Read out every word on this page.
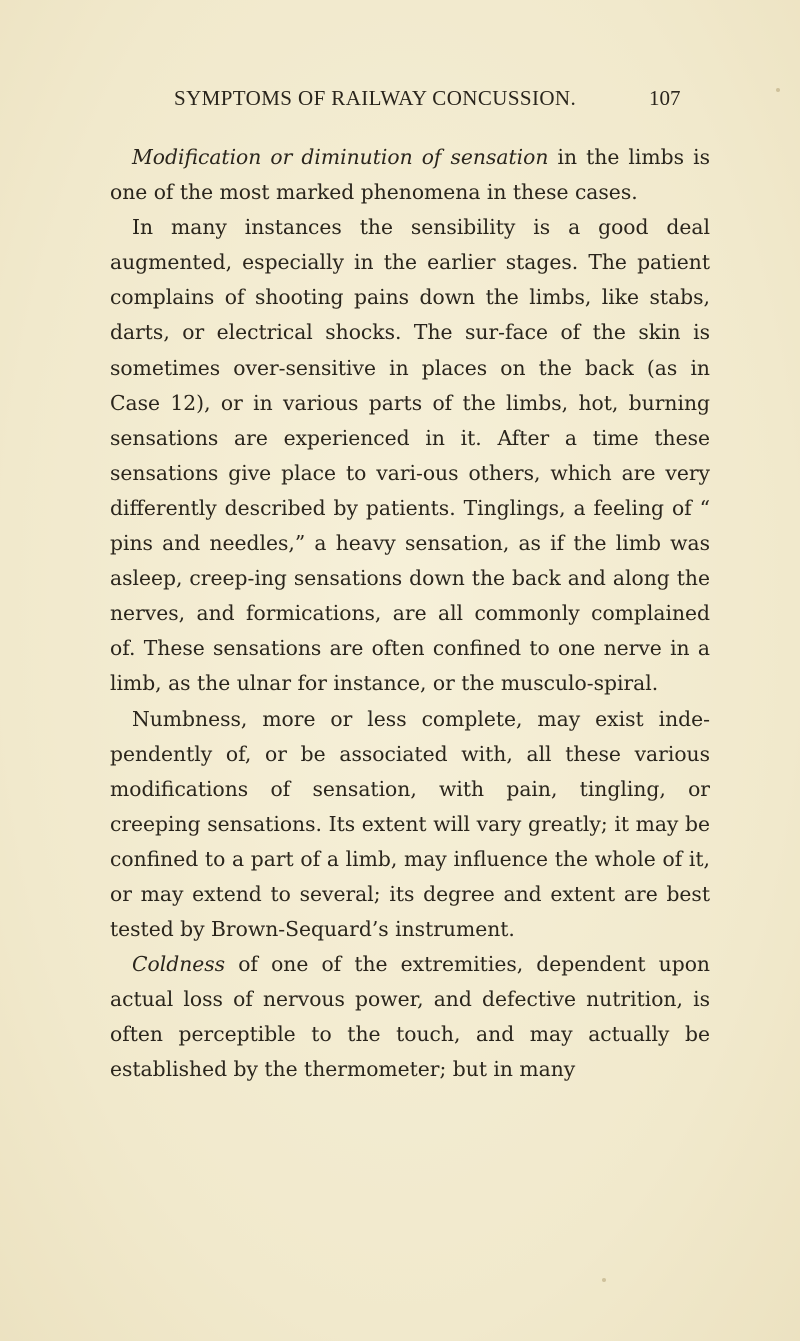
SYMPTOMS OF RAILWAY CONCUSSION.	107

Modification or diminution of sensation in the limbs is one of the most marked phenomena in these cases.

In many instances the sensibility is a good deal augmented, especially in the earlier stages. The patient complains of shooting pains down the limbs, like stabs, darts, or electrical shocks. The sur-face of the skin is sometimes over-sensitive in places on the back (as in Case 12), or in various parts of the limbs, hot, burning sensations are experienced in it. After a time these sensations give place to vari-ous others, which are very differently described by patients. Tinglings, a feeling of “ pins and needles,” a heavy sensation, as if the limb was asleep, creep-ing sensations down the back and along the nerves, and formications, are all commonly complained of. These sensations are often confined to one nerve in a limb, as the ulnar for instance, or the musculo-spiral.

Numbness, more or less complete, may exist inde-pendently of, or be associated with, all these various modifications of sensation, with pain, tingling, or creeping sensations. Its extent will vary greatly; it may be confined to a part of a limb, may influence the whole of it, or may extend to several; its degree and extent are best tested by Brown-Sequard’s instrument.

Coldness of one of the extremities, dependent upon actual loss of nervous power, and defective nutrition, is often perceptible to the touch, and may actually be established by the thermometer; but in many
